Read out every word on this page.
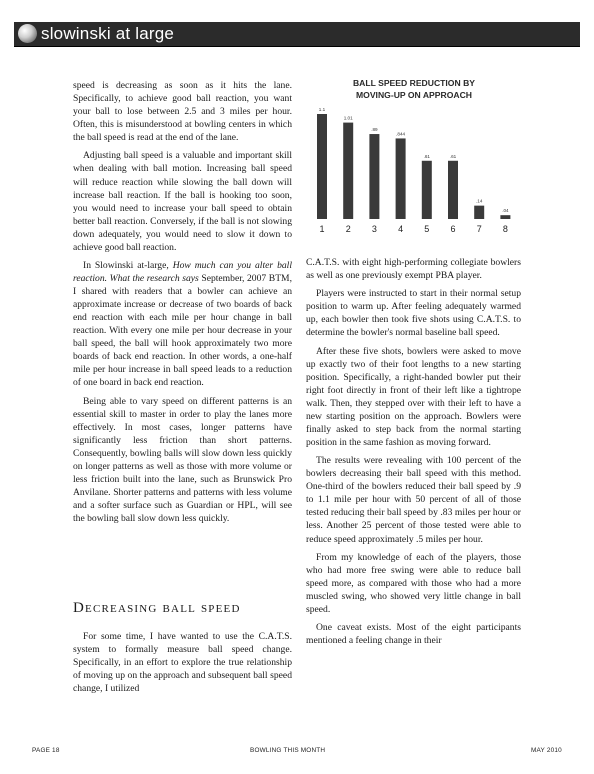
slowinski at large

speed is decreasing as soon as it hits the lane. Specifically, to achieve good ball reaction, you want your ball to lose between 2.5 and 3 miles per hour. Often, this is misunderstood at bowling centers in which the ball speed is read at the end of the lane.

Adjusting ball speed is a valuable and important skill when dealing with ball motion. Increasing ball speed will reduce reaction while slowing the ball down will increase ball reaction. If the ball is hooking too soon, you would need to increase your ball speed to obtain better ball reaction. Conversely, if the ball is not slowing down adequately, you would need to slow it down to achieve good ball reaction.

In Slowinski at-large, How much can you alter ball reaction. What the research says September, 2007 BTM, I shared with readers that a bowler can achieve an approximate increase or decrease of two boards of back end reaction with each mile per hour change in ball reaction. With every one mile per hour decrease in your ball speed, the ball will hook approximately two more boards of back end reaction. In other words, a one-half mile per hour increase in ball speed leads to a reduction of one board in back end reaction.

Being able to vary speed on different patterns is an essential skill to master in order to play the lanes more effectively. In most cases, longer patterns have significantly less friction than short patterns. Consequently, bowling balls will slow down less quickly on longer patterns as well as those with more volume or less friction built into the lane, such as Brunswick Pro Anvilane. Shorter patterns and patterns with less volume and a softer surface such as Guardian or HPL, will see the bowling ball slow down less quickly.

Decreasing ball speed

For some time, I have wanted to use the C.A.T.S. system to formally measure ball speed change. Specifically, in an effort to explore the true relationship of moving up on the approach and subsequent ball speed change, I utilized

BALL SPEED REDUCTION BY
MOVING-UP ON APPROACH
1.1
1
1.01
2
.89
3
.844
4
.61
5
.61
6
.14
7
.04
8

C.A.T.S. with eight high-performing collegiate bowlers as well as one previously exempt PBA player.

Players were instructed to start in their normal setup position to warm up. After feeling adequately warmed up, each bowler then took five shots using C.A.T.S. to determine the bowler's normal baseline ball speed.

After these five shots, bowlers were asked to move up exactly two of their foot lengths to a new starting position. Specifically, a right-handed bowler put their right foot directly in front of their left like a tightrope walk. Then, they stepped over with their left to have a new starting position on the approach. Bowlers were finally asked to step back from the normal starting position in the same fashion as moving forward.

The results were revealing with 100 percent of the bowlers decreasing their ball speed with this method. One-third of the bowlers reduced their ball speed by .9 to 1.1 mile per hour with 50 percent of all of those tested reducing their ball speed by .83 miles per hour or less. Another 25 percent of those tested were able to reduce speed approximately .5 miles per hour.

From my knowledge of each of the players, those who had more free swing were able to reduce ball speed more, as compared with those who had a more muscled swing, who showed very little change in ball speed.

One caveat exists. Most of the eight participants mentioned a feeling change in their

PAGE 18	BOWLING THIS MONTH	MAY 2010
